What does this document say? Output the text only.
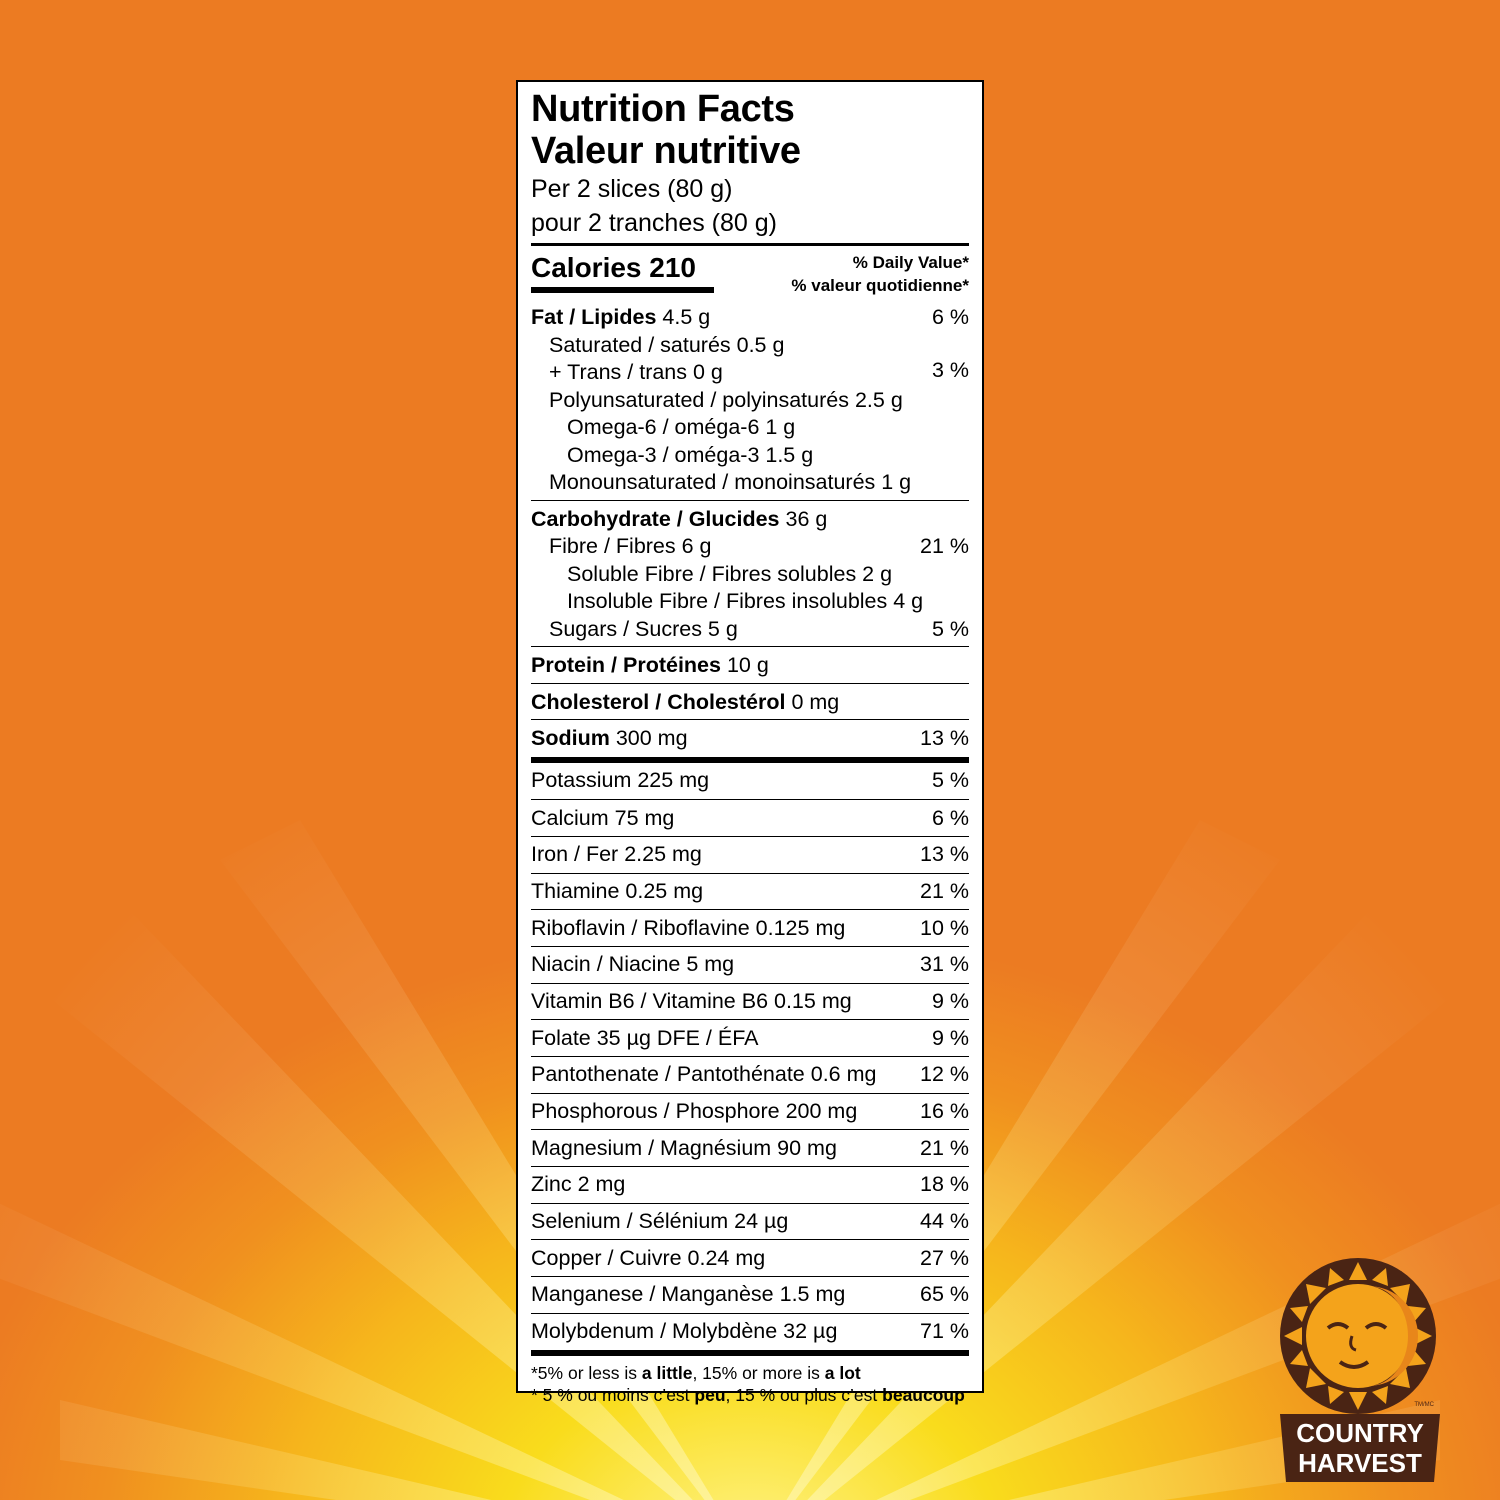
Nutrition Facts
Valeur nutritive
Per 2 slices (80 g)
pour 2 tranches (80 g)
Calories 210	% Daily Value*
% valeur quotidienne*
Fat / Lipides 4.5 g	6 %
Saturated / saturés 0.5 g
+ Trans / trans 0 g	3 %
Polyunsaturated / polyinsaturés 2.5 g
Omega-6 / oméga-6 1 g
Omega-3 / oméga-3 1.5 g
Monounsaturated / monoinsaturés 1 g
Carbohydrate / Glucides 36 g
Fibre / Fibres 6 g	21 %
Soluble Fibre / Fibres solubles 2 g
Insoluble Fibre / Fibres insolubles 4 g
Sugars / Sucres 5 g	5 %
Protein / Protéines 10 g
Cholesterol / Cholestérol 0 mg
Sodium 300 mg	13 %
Potassium 225 mg	5 %
Calcium 75 mg	6 %
Iron / Fer 2.25 mg	13 %
Thiamine 0.25 mg	21 %
Riboflavin / Riboflavine 0.125 mg	10 %
Niacin / Niacine 5 mg	31 %
Vitamin B6 / Vitamine B6 0.15 mg	9 %
Folate 35 µg DFE / ÉFA	9 %
Pantothenate / Pantothénate 0.6 mg 12 %
Phosphorous / Phosphore 200 mg	16 %
Magnesium / Magnésium 90 mg	21 %
Zinc 2 mg	18 %
Selenium / Sélénium 24 µg	44 %
Copper / Cuivre 0.24 mg	27 %
Manganese / Manganèse 1.5 mg	65 %
Molybdenum / Molybdène 32 µg	71 %
*5% or less is a little, 15% or more is a lot
* 5 % ou moins c’est peu, 15 % ou plus c’est beaucoup
COUNTRY
HARVEST
TM/MC
